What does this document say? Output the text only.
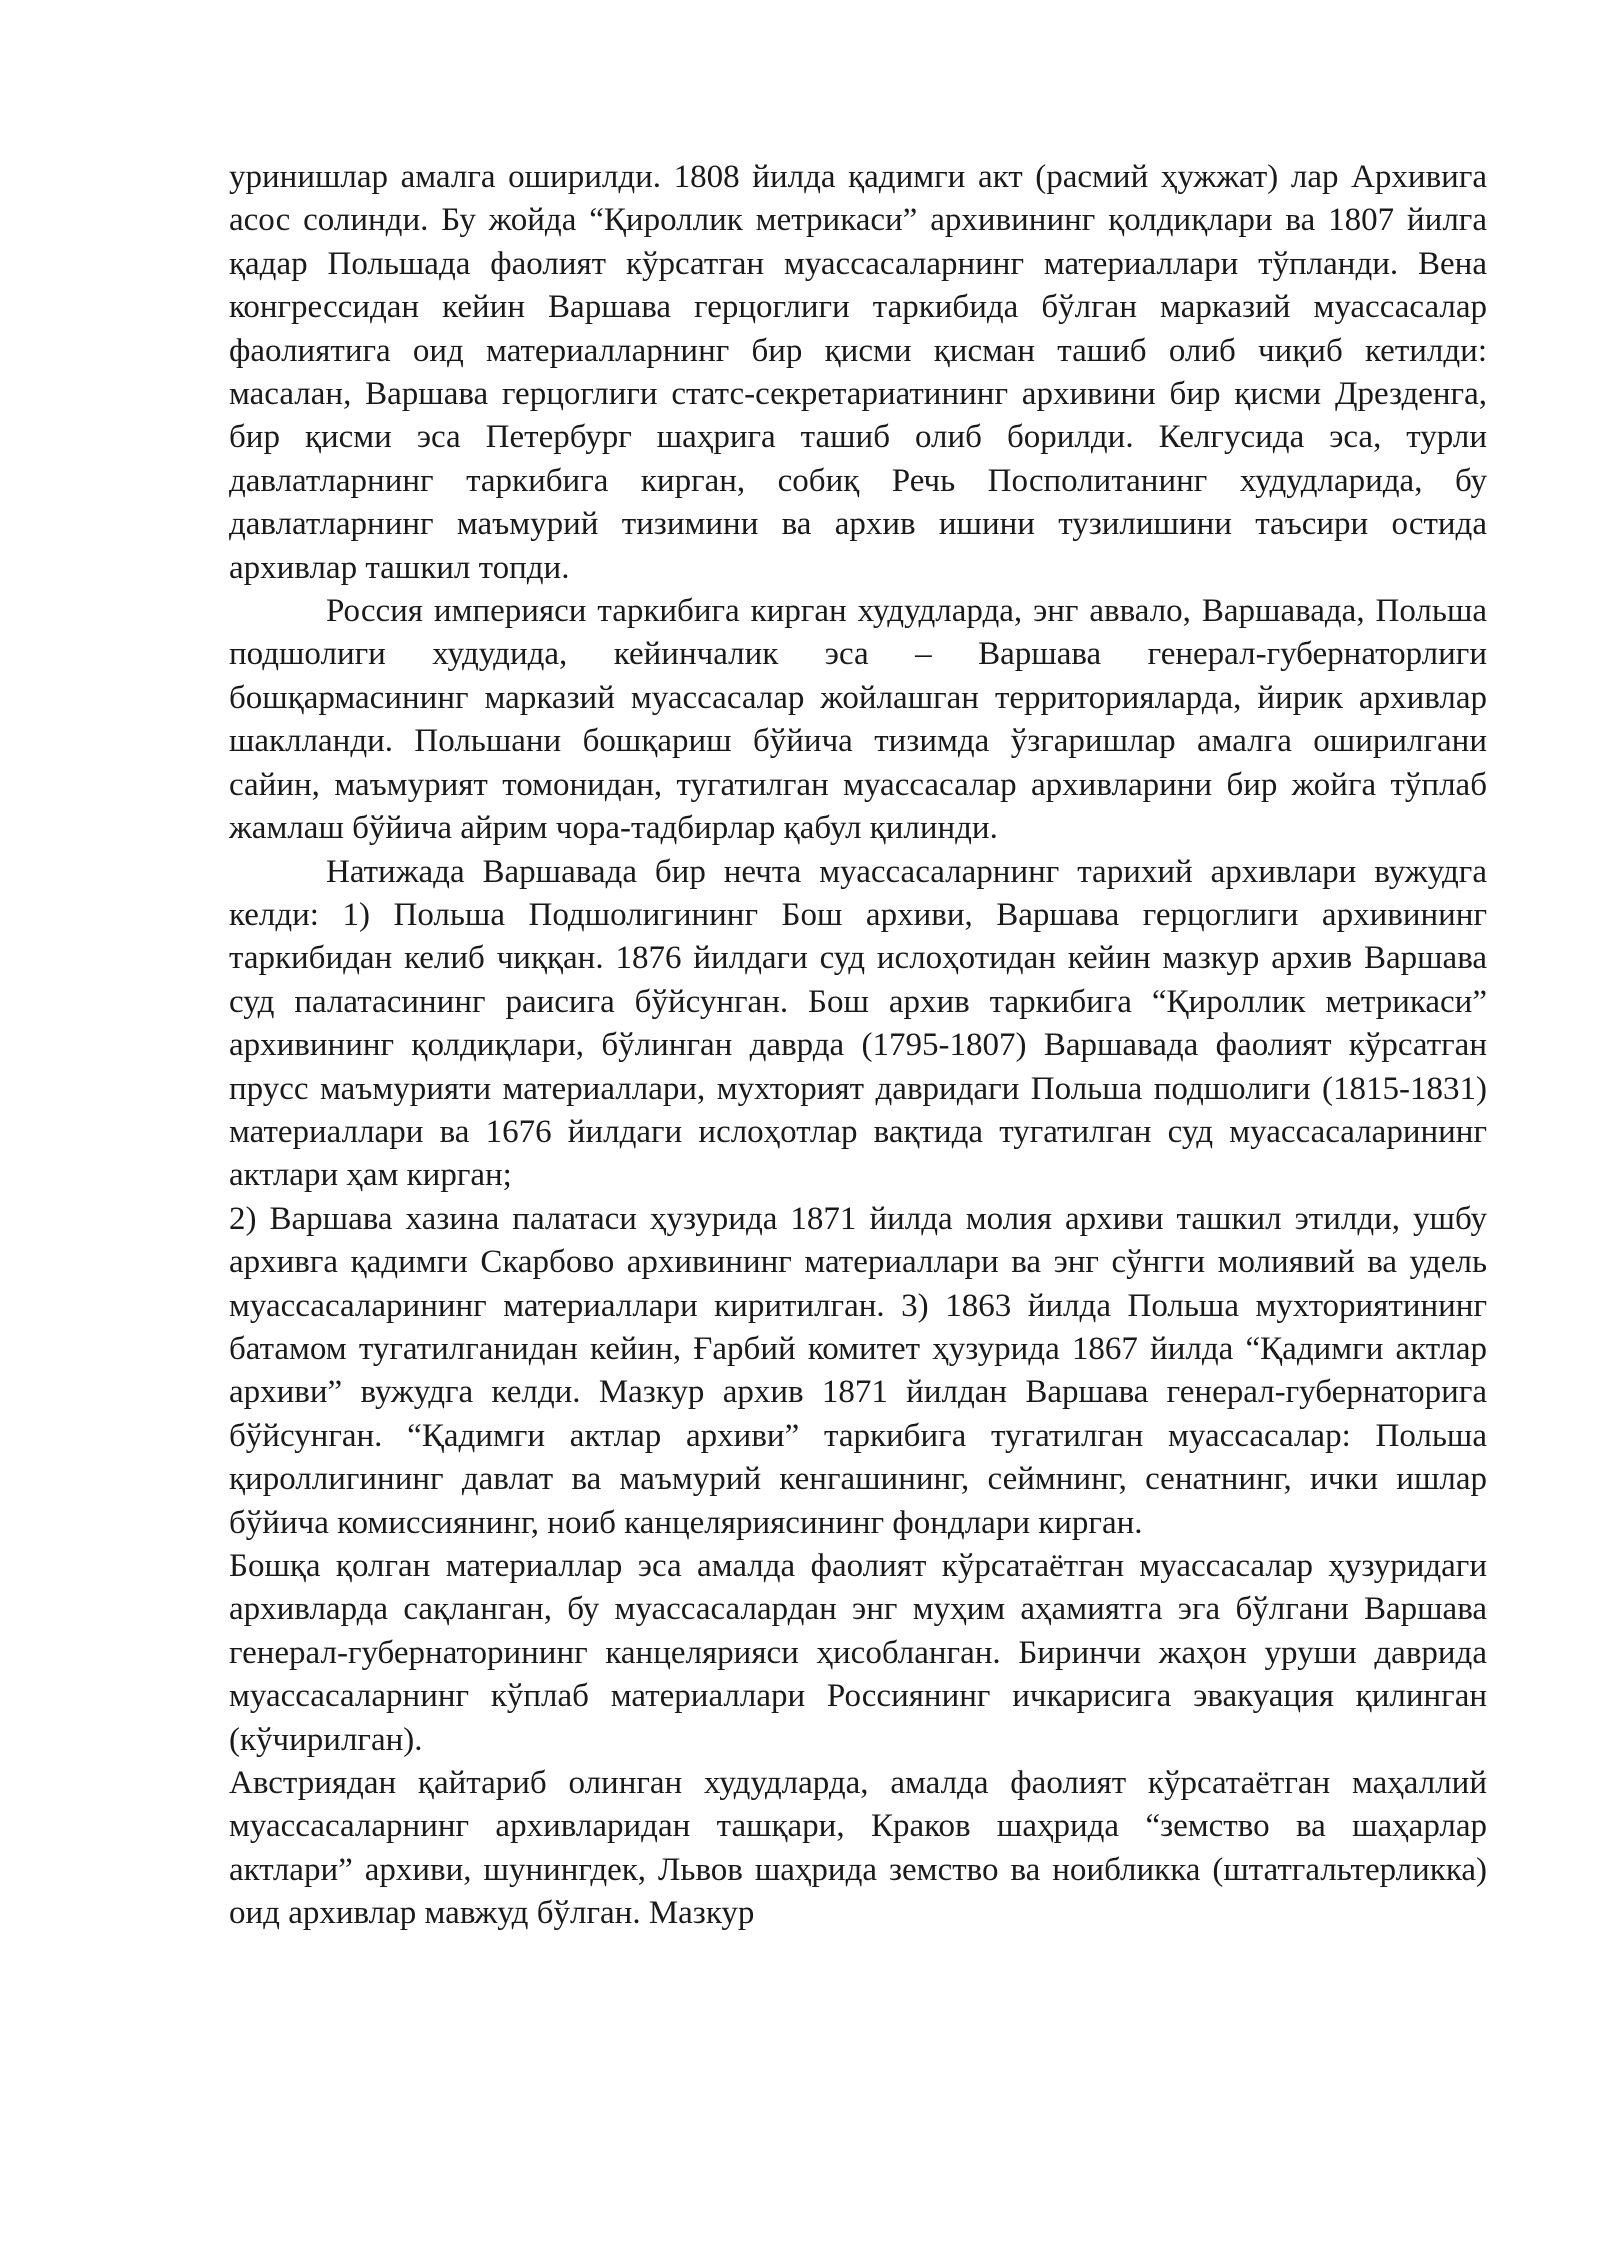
уринишлар амалга оширилди. 1808 йилда қадимги акт (расмий ҳужжат) лар Архивига асос солинди. Бу жойда “Қироллик метрикаси” архивининг қолдиқлари ва 1807 йилга қадар Польшада фаолият кўрсатган муассасаларнинг материаллари тўпланди. Вена конгрессидан кейин Варшава герцоглиги таркибида бўлган марказий муассасалар фаолиятига оид материалларнинг бир қисми қисман ташиб олиб чиқиб кетилди: масалан, Варшава герцоглиги статс-секретариатининг архивини бир қисми Дрезденга, бир қисми эса Петербург шаҳрига ташиб олиб борилди. Келгусида эса, турли давлатларнинг таркибига кирган, собиқ Речь Посполитанинг худудларида, бу давлатларнинг маъмурий тизимини ва архив ишини тузилишини таъсири остида архивлар ташкил топди.

Россия империяси таркибига кирган худудларда, энг аввало, Варшавада, Польша подшолиги худудида, кейинчалик эса – Варшава генерал-губернаторлиги бошқармасининг марказий муассасалар жойлашган территорияларда, йирик архивлар шаклланди. Польшани бошқариш бўйича тизимда ўзгаришлар амалга оширилгани сайин, маъмурият томонидан, тугатилган муассасалар архивларини бир жойга тўплаб жамлаш бўйича айрим чора-тадбирлар қабул қилинди.

Натижада Варшавада бир нечта муассасаларнинг тарихий архивлари вужудга келди: 1) Польша Подшолигининг Бош архиви, Варшава герцоглиги архивининг таркибидан келиб чиққан. 1876 йилдаги суд ислоҳотидан кейин мазкур архив Варшава суд палатасининг раисига бўйсунган. Бош архив таркибига “Қироллик метрикаси” архивининг қолдиқлари, бўлинган даврда (1795-1807) Варшавада фаолият кўрсатган прусс маъмурияти материаллари, мухторият давридаги Польша подшолиги (1815-1831) материаллари ва 1676 йилдаги ислоҳотлар вақтида тугатилган суд муассасаларининг актлари ҳам кирган;

2) Варшава хазина палатаси ҳузурида 1871 йилда молия архиви ташкил этилди, ушбу архивга қадимги Скарбово архивининг материаллари ва энг сўнгги молиявий ва удель муассасаларининг материаллари киритилган. 3) 1863 йилда Польша мухториятининг батамом тугатилганидан кейин, Ғарбий комитет ҳузурида 1867 йилда “Қадимги актлар архиви” вужудга келди. Мазкур архив 1871 йилдан Варшава генерал-губернаторига бўйсунган. “Қадимги актлар архиви” таркибига тугатилган муассасалар: Польша қироллигининг давлат ва маъмурий кенгашининг, сеймнинг, сенатнинг, ички ишлар бўйича комиссиянинг, ноиб канцеляриясининг фондлари кирган.

Бошқа қолган материаллар эса амалда фаолият кўрсатаётган муассасалар ҳузуридаги архивларда сақланган, бу муассасалардан энг муҳим аҳамиятга эга бўлгани Варшава генерал-губернаторининг канцелярияси ҳисобланган. Биринчи жаҳон уруши даврида муассасаларнинг кўплаб материаллари Россиянинг ичкарисига эвакуация қилинган (кўчирилган).

Австриядан қайтариб олинган худудларда, амалда фаолият кўрсатаётган маҳаллий муассасаларнинг архивларидан ташқари, Краков шаҳрида “земство ва шаҳарлар актлари” архиви, шунингдек, Львов шаҳрида земство ва ноибликка (штатгальтерликка) оид архивлар мавжуд бўлган. Мазкур
